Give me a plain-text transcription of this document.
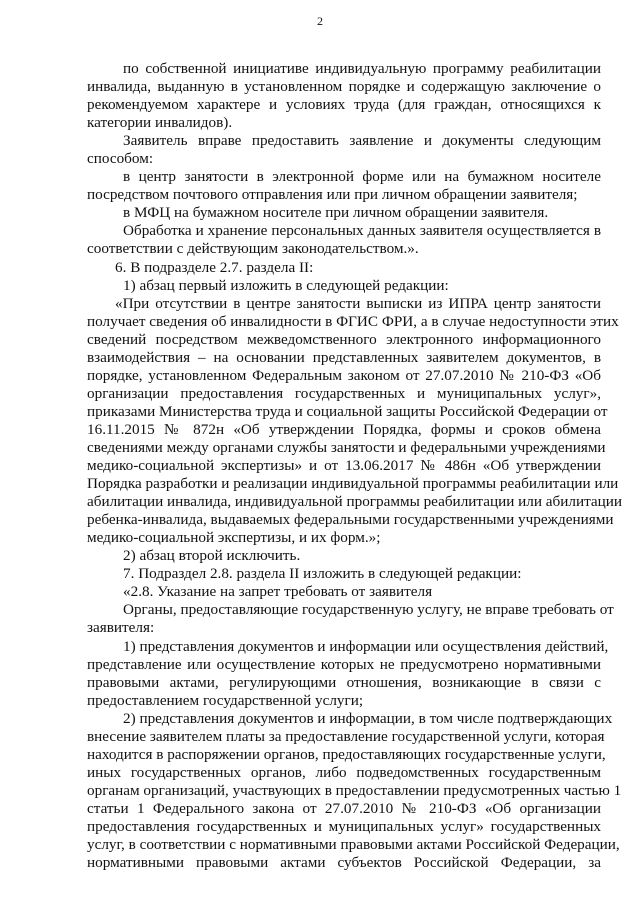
2
по собственной инициативе индивидуальную программу реабилитации
инвалида, выданную в установленном порядке и содержащую заключение о
рекомендуемом характере и условиях труда (для граждан, относящихся к
категории инвалидов).
Заявитель вправе предоставить заявление и документы следующим
способом:
в центр занятости в электронной форме или на бумажном носителе
посредством почтового отправления или при личном обращении заявителя;
в МФЦ на бумажном носителе при личном обращении заявителя.
Обработка и хранение персональных данных заявителя осуществляется в
соответствии с действующим законодательством.».
6. В подразделе 2.7. раздела II:
1) абзац первый изложить в следующей редакции:
«При отсутствии в центре занятости выписки из ИПРА центр занятости
получает сведения об инвалидности в ФГИС ФРИ, а в случае недоступности этих
сведений посредством межведомственного электронного информационного
взаимодействия – на основании представленных заявителем документов, в
порядке, установленном Федеральным законом от 27.07.2010 № 210-ФЗ «Об
организации предоставления государственных и муниципальных услуг»,
приказами Министерства труда и социальной защиты Российской Федерации от
16.11.2015 № 872н «Об утверждении Порядка, формы и сроков обмена
сведениями между органами службы занятости и федеральными учреждениями
медико-социальной экспертизы» и от 13.06.2017 № 486н «Об утверждении
Порядка разработки и реализации индивидуальной программы реабилитации или
абилитации инвалида, индивидуальной программы реабилитации или абилитации
ребенка-инвалида, выдаваемых федеральными государственными учреждениями
медико-социальной экспертизы, и их форм.»;
2) абзац второй исключить.
7. Подраздел 2.8. раздела II изложить в следующей редакции:
«2.8. Указание на запрет требовать от заявителя
Органы, предоставляющие государственную услугу, не вправе требовать от
заявителя:
1) представления документов и информации или осуществления действий,
представление или осуществление которых не предусмотрено нормативными
правовыми актами, регулирующими отношения, возникающие в связи с
предоставлением государственной услуги;
2) представления документов и информации, в том числе подтверждающих
внесение заявителем платы за предоставление государственной услуги, которая
находится в распоряжении органов, предоставляющих государственные услуги,
иных государственных органов, либо подведомственных государственным
органам организаций, участвующих в предоставлении предусмотренных частью 1
статьи 1 Федерального закона от 27.07.2010 № 210-ФЗ «Об организации
предоставления государственных и муниципальных услуг» государственных
услуг, в соответствии с нормативными правовыми актами Российской Федерации,
нормативными правовыми актами субъектов Российской Федерации, за
